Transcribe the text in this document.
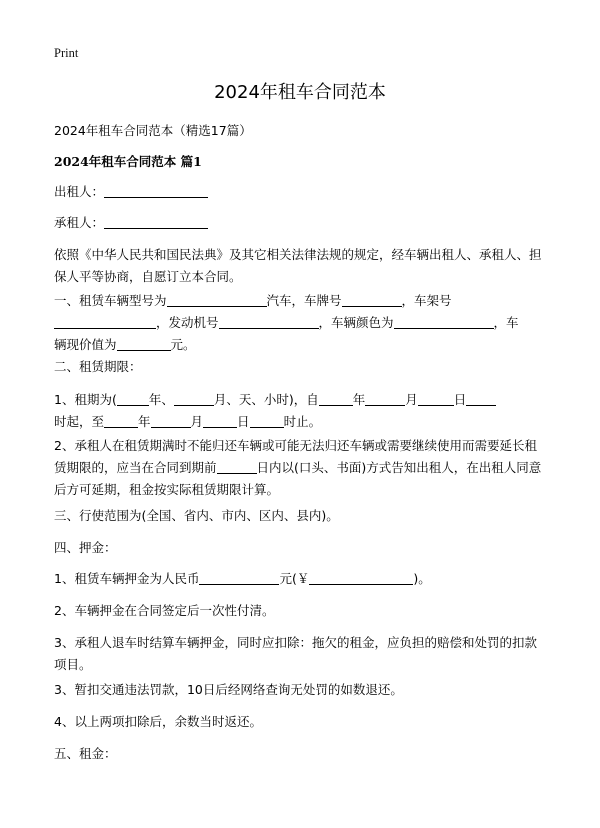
Print
2024年租车合同范本
2024年租车合同范本（精选17篇）
2024年租车合同范本 篇1
出租人：
承租人：

依照《中华人民共和国民法典》及其它相关法律法规的规定，经车辆出租人、承租人、担保人平等协商，自愿订立本合同。

一、租赁车辆型号为	汽车，车牌号	，车架号
，发动机号	，车辆颜色为	，车
辆现价值为	元。
二、租赁期限：
1、租期为(	年、	月、天、小时)，自	年	月	日
时起，至	年	月	日	时止。

2、承租人在租赁期满时不能归还车辆或可能无法归还车辆或需要继续使用而需要延长租赁期限的，应当在合同到期前	日内以(口头、书面)方式告知出租人，在出租人同意后方可延期，租金按实际租赁期限计算。

三、行使范围为(全国、省内、市内、区内、县内)。
四、押金：
1、租赁车辆押金为人民币	元(￥	)。
2、车辆押金在合同签定后一次性付清。

3、承租人退车时结算车辆押金，同时应扣除：拖欠的租金，应负担的赔偿和处罚的扣款项目。

3、暂扣交通违法罚款，10日后经网络查询无处罚的如数退还。
4、以上两项扣除后，余数当时返还。
五、租金：
